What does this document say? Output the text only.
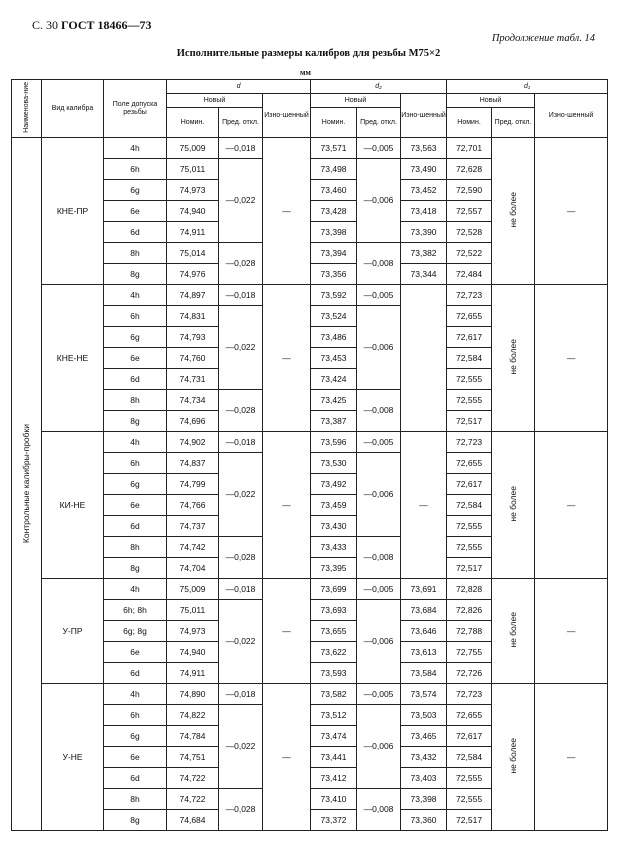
С. 30 ГОСТ 18466—73
Продолжение табл. 14
Исполнительные размеры калибров для резьбы M75×2
мм
Наименова-ние	Вид калибра	Поле допуска резьбы	d			d₂			d₁		
			Новый		Изно-шенный	Новый		Изно-шенный	Новый		Изно-шенный
			Номин.	Пред. откл.		Номин.	Пред. откл.		Номин.	Пред. откл.	
Контрольные калибры-пробки	КНЕ-ПР	4h	75,009	—0,018	—	73,571	—0,005	73,563	72,701	не более	—
		6h	75,011	—0,022		73,498	—0,006	73,490	72,628		
		6g	74,973			73,460		73,452	72,590		
		6e	74,940			73,428		73,418	72,557		
		6d	74,911			73,398		73,390	72,528		
		8h	75,014	—0,028		73,394	—0,008	73,382	72,522		
		8g	74,976			73,356		73,344	72,484		
	КНЕ-НЕ	4h	74,897	—0,018	—	73,592	—0,005		72,723	не более	—
		6h	74,831	—0,022		73,524	—0,006		72,655		
		6g	74,793			73,486			72,617		
		6e	74,760			73,453			72,584		
		6d	74,731			73,424			72,555		
		8h	74,734	—0,028		73,425	—0,008		72,555		
		8g	74,696			73,387			72,517		
	КИ-НЕ	4h	74,902	—0,018	—	73,596	—0,005	—	72,723	не более	—
		6h	74,837	—0,022		73,530	—0,006		72,655		
		6g	74,799			73,492			72,617		
		6e	74,766			73,459			72,584		
		6d	74,737			73,430			72,555		
		8h	74,742	—0,028		73,433	—0,008		72,555		
		8g	74,704			73,395			72,517		
	У-ПР	4h	75,009	—0,018	—	73,699	—0,005	73,691	72,828	не более	—
		6h; 8h	75,011	—0,022		73,693	—0,006	73,684	72,826		
		6g; 8g	74,973			73,655		73,646	72,788		
		6e	74,940			73,622		73,613	72,755		
		6d	74,911			73,593		73,584	72,726		
	У-НЕ	4h	74,890	—0,018	—	73,582	—0,005	73,574	72,723	не более	—
		6h	74,822	—0,022		73,512	—0,006	73,503	72,655		
		6g	74,784			73,474		73,465	72,617		
		6e	74,751			73,441		73,432	72,584		
		6d	74,722			73,412		73,403	72,555		
		8h	74,722	—0,028		73,410	—0,008	73,398	72,555		
		8g	74,684			73,372		73,360	72,517		
